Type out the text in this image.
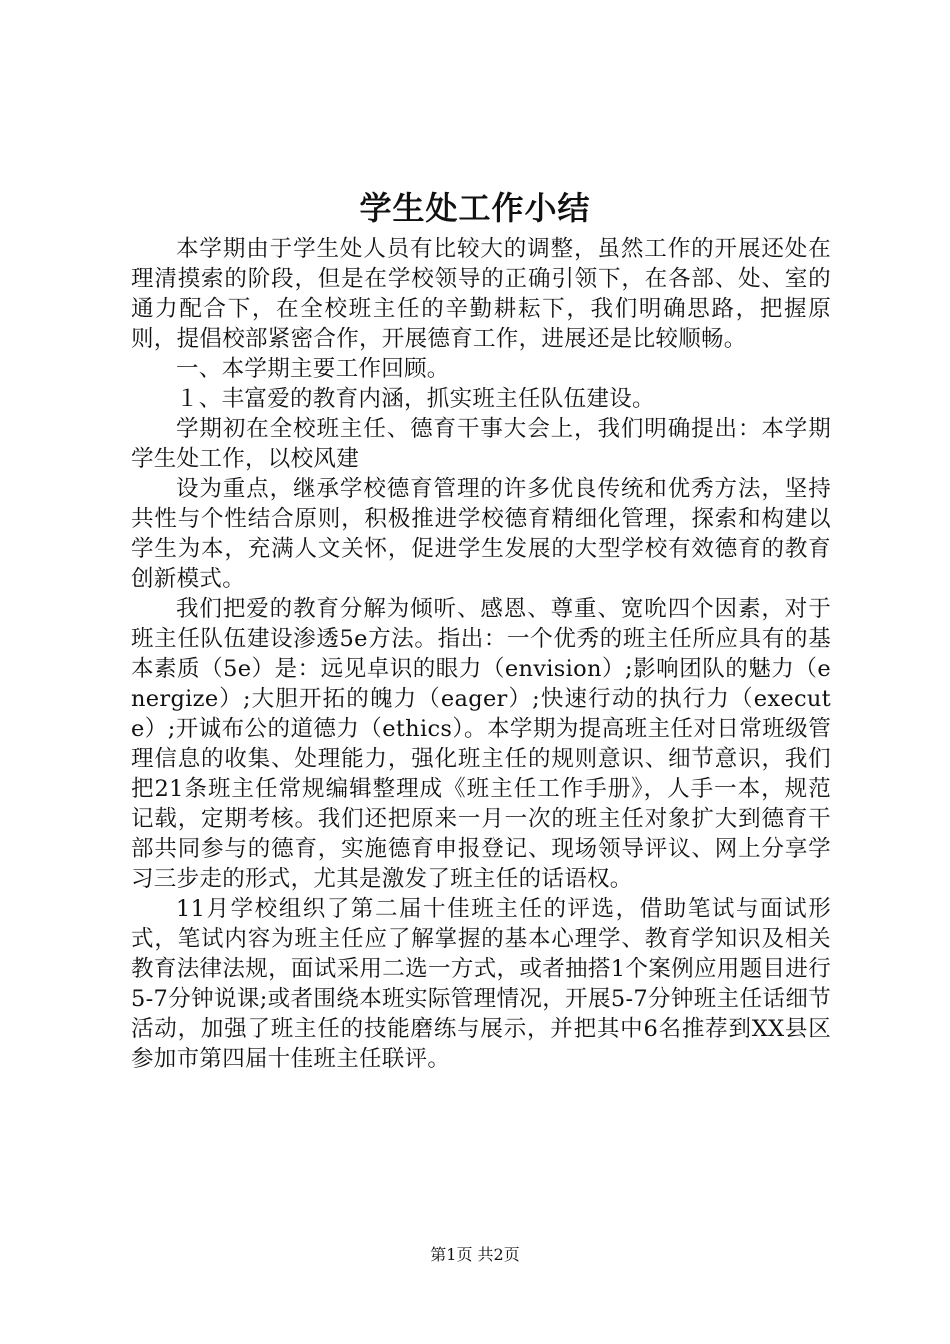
学生处工作小结

本学期由于学生处人员有比较大的调整，虽然工作的开展还处在理清摸索的阶段，但是在学校领导的正确引领下，在各部、处、室的通力配合下，在全校班主任的辛勤耕耘下，我们明确思路，把握原则，提倡校部紧密合作，开展德育工作，进展还是比较顺畅。

一、本学期主要工作回顾。

１、丰富爱的教育内涵，抓实班主任队伍建设。

学期初在全校班主任、德育干事大会上，我们明确提出：本学期学生处工作，以校风建

设为重点，继承学校德育管理的许多优良传统和优秀方法，坚持共性与个性结合原则，积极推进学校德育精细化管理，探索和构建以学生为本，充满人文关怀，促进学生发展的大型学校有效德育的教育创新模式。

我们把爱的教育分解为倾听、感恩、尊重、宽吮四个因素，对于班主任队伍建设渗透5e方法。指出：一个优秀的班主任所应具有的基本素质（5e）是：远见卓识的眼力（envision）;影响团队的魅力（energize）;大胆开拓的魄力（eager）;快速行动的执行力（execute）;开诚布公的道德力（ethics）。本学期为提高班主任对日常班级管理信息的收集、处理能力，强化班主任的规则意识、细节意识，我们把21条班主任常规编辑整理成《班主任工作手册》，人手一本，规范记载，定期考核。我们还把原来一月一次的班主任对象扩大到德育干部共同参与的德育，实施德育申报登记、现场领导评议、网上分享学习三步走的形式，尤其是激发了班主任的话语权。

11月学校组织了第二届十佳班主任的评选，借助笔试与面试形式，笔试内容为班主任应了解掌握的基本心理学、教育学知识及相关教育法律法规，面试采用二选一方式，或者抽搭1个案例应用题目进行5-7分钟说课;或者围绕本班实际管理情况，开展5-7分钟班主任话细节活动，加强了班主任的技能磨练与展示，并把其中6名推荐到XX县区参加市第四届十佳班主任联评。

第1页 共2页
